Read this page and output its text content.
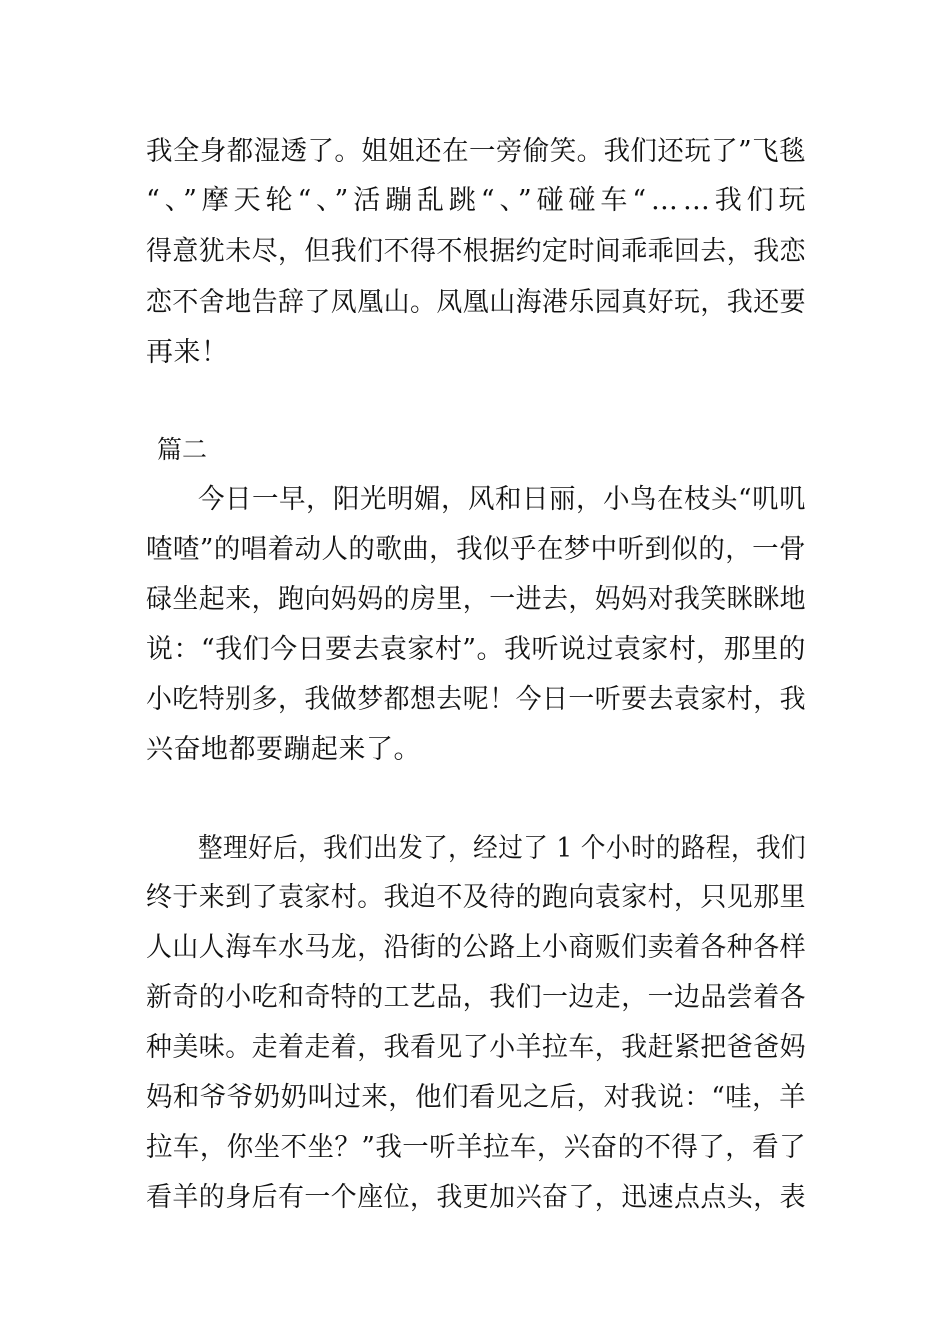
我全身都湿透了。姐姐还在一旁偷笑。我们还玩了”飞毯
“、”摩天轮“、”活蹦乱跳“、”碰碰车“……我们玩
得意犹未尽，但我们不得不根据约定时间乖乖回去，我恋
恋不舍地告辞了凤凰山。凤凰山海港乐园真好玩，我还要
再来！
篇二
今日一早，阳光明媚，风和日丽，小鸟在枝头“叽叽
喳喳”的唱着动人的歌曲，我似乎在梦中听到似的，一骨
碌坐起来，跑向妈妈的房里，一进去，妈妈对我笑眯眯地
说：“我们今日要去袁家村”。我听说过袁家村，那里的
小吃特别多，我做梦都想去呢！今日一听要去袁家村，我
兴奋地都要蹦起来了。
整理好后，我们出发了，经过了 1 个小时的路程，我们
终于来到了袁家村。我迫不及待的跑向袁家村，只见那里
人山人海车水马龙，沿街的公路上小商贩们卖着各种各样
新奇的小吃和奇特的工艺品，我们一边走，一边品尝着各
种美味。走着走着，我看见了小羊拉车，我赶紧把爸爸妈
妈和爷爷奶奶叫过来，他们看见之后，对我说：“哇，羊
拉车，你坐不坐？”我一听羊拉车，兴奋的不得了，看了
看羊的身后有一个座位，我更加兴奋了，迅速点点头，表
